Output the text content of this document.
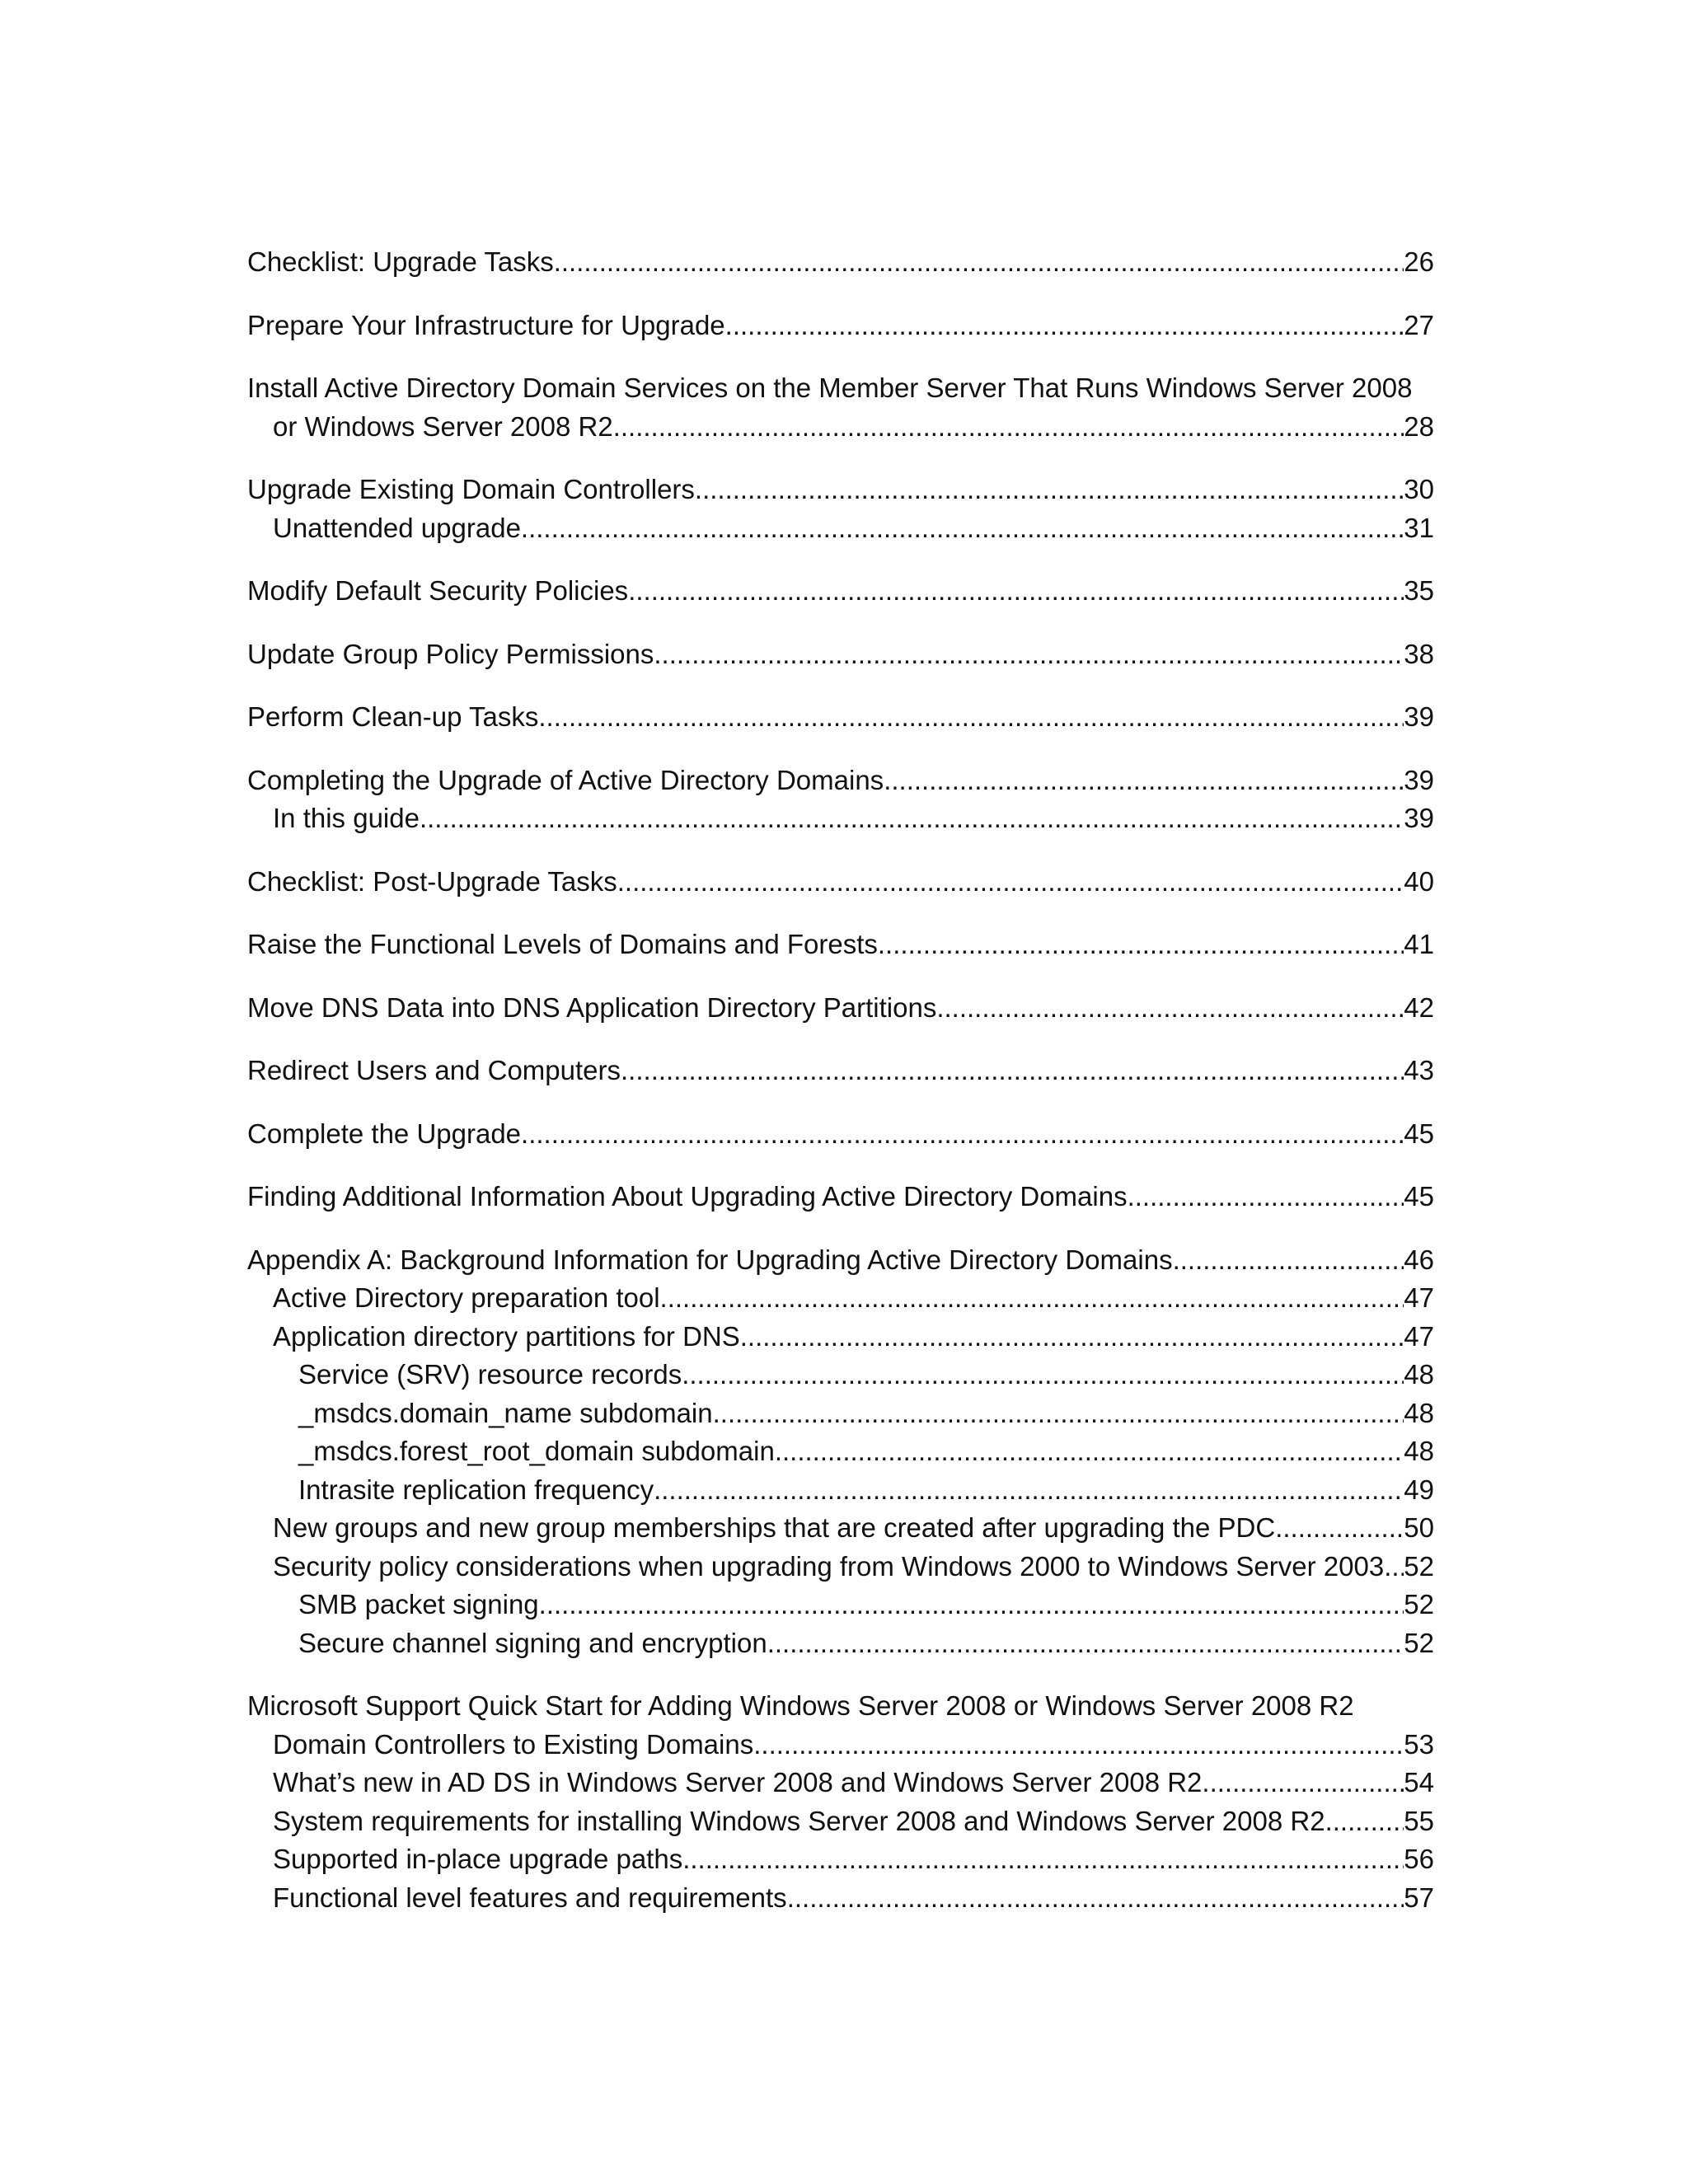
Checklist: Upgrade Tasks .....	26
Prepare Your Infrastructure for Upgrade .....	27
Install Active Directory Domain Services on the Member Server That Runs Windows Server 2008
or Windows Server 2008 R2 .....	28
Upgrade Existing Domain Controllers .....	30
Unattended upgrade .....	31
Modify Default Security Policies .....	35
Update Group Policy Permissions .....	38
Perform Clean-up Tasks .....	39
Completing the Upgrade of Active Directory Domains .....	39
In this guide .....	39
Checklist: Post-Upgrade Tasks .....	40
Raise the Functional Levels of Domains and Forests .....	41
Move DNS Data into DNS Application Directory Partitions .....	42
Redirect Users and Computers .....	43
Complete the Upgrade .....	45
Finding Additional Information About Upgrading Active Directory Domains .....	45
Appendix A: Background Information for Upgrading Active Directory Domains .....	46
Active Directory preparation tool .....	47
Application directory partitions for DNS .....	47
Service (SRV) resource records .....	48
_msdcs.domain_name subdomain .....	48
_msdcs.forest_root_domain subdomain .....	48
Intrasite replication frequency .....	49
New groups and new group memberships that are created after upgrading the PDC .....	50
Security policy considerations when upgrading from Windows 2000 to Windows Server 2003 ..... 52
SMB packet signing .....	52
Secure channel signing and encryption .....	52
Microsoft Support Quick Start for Adding Windows Server 2008 or Windows Server 2008 R2
Domain Controllers to Existing Domains .....	53
What’s new in AD DS in Windows Server 2008 and Windows Server 2008 R2 .....	54
System requirements for installing Windows Server 2008 and Windows Server 2008 R2 .....	55
Supported in-place upgrade paths .....	56
Functional level features and requirements .....	57
